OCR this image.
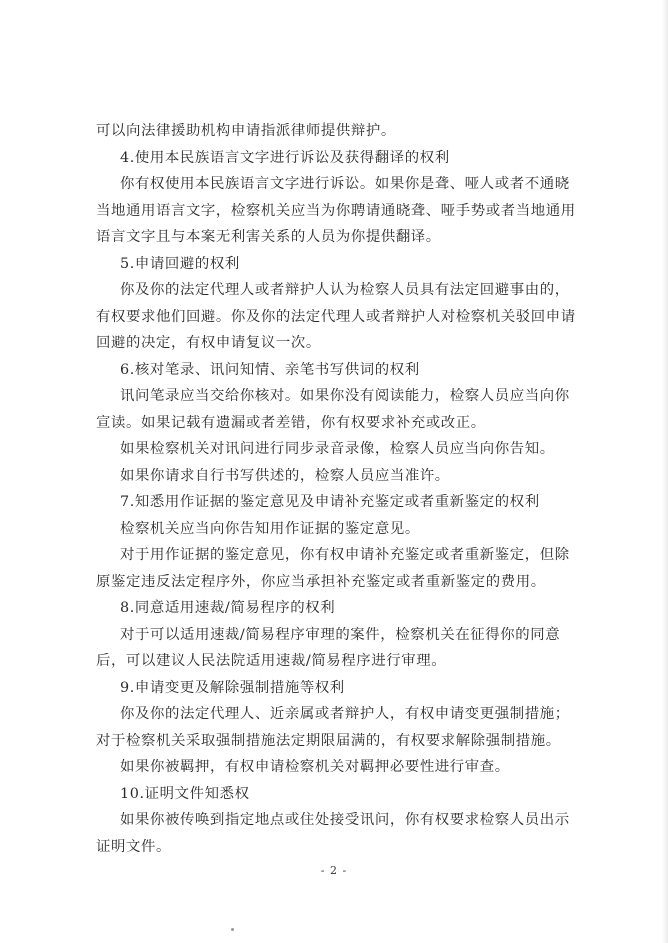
可以向法律援助机构申请指派律师提供辩护。
4.使用本民族语言文字进行诉讼及获得翻译的权利
你有权使用本民族语言文字进行诉讼。如果你是聋、哑人或者不通晓
当地通用语言文字，检察机关应当为你聘请通晓聋、哑手势或者当地通用
语言文字且与本案无利害关系的人员为你提供翻译。
5.申请回避的权利
你及你的法定代理人或者辩护人认为检察人员具有法定回避事由的，
有权要求他们回避。你及你的法定代理人或者辩护人对检察机关驳回申请
回避的决定，有权申请复议一次。
6.核对笔录、讯问知情、亲笔书写供词的权利
讯问笔录应当交给你核对。如果你没有阅读能力，检察人员应当向你
宣读。如果记载有遗漏或者差错，你有权要求补充或改正。
如果检察机关对讯问进行同步录音录像，检察人员应当向你告知。
如果你请求自行书写供述的，检察人员应当准许。
7.知悉用作证据的鉴定意见及申请补充鉴定或者重新鉴定的权利
检察机关应当向你告知用作证据的鉴定意见。
对于用作证据的鉴定意见，你有权申请补充鉴定或者重新鉴定，但除
原鉴定违反法定程序外，你应当承担补充鉴定或者重新鉴定的费用。
8.同意适用速裁/简易程序的权利
对于可以适用速裁/简易程序审理的案件，检察机关在征得你的同意
后，可以建议人民法院适用速裁/简易程序进行审理。
9.申请变更及解除强制措施等权利
你及你的法定代理人、近亲属或者辩护人，有权申请变更强制措施；
对于检察机关采取强制措施法定期限届满的，有权要求解除强制措施。
如果你被羁押，有权申请检察机关对羁押必要性进行审查。
10.证明文件知悉权
如果你被传唤到指定地点或住处接受讯问，你有权要求检察人员出示
证明文件。
- 2 -
